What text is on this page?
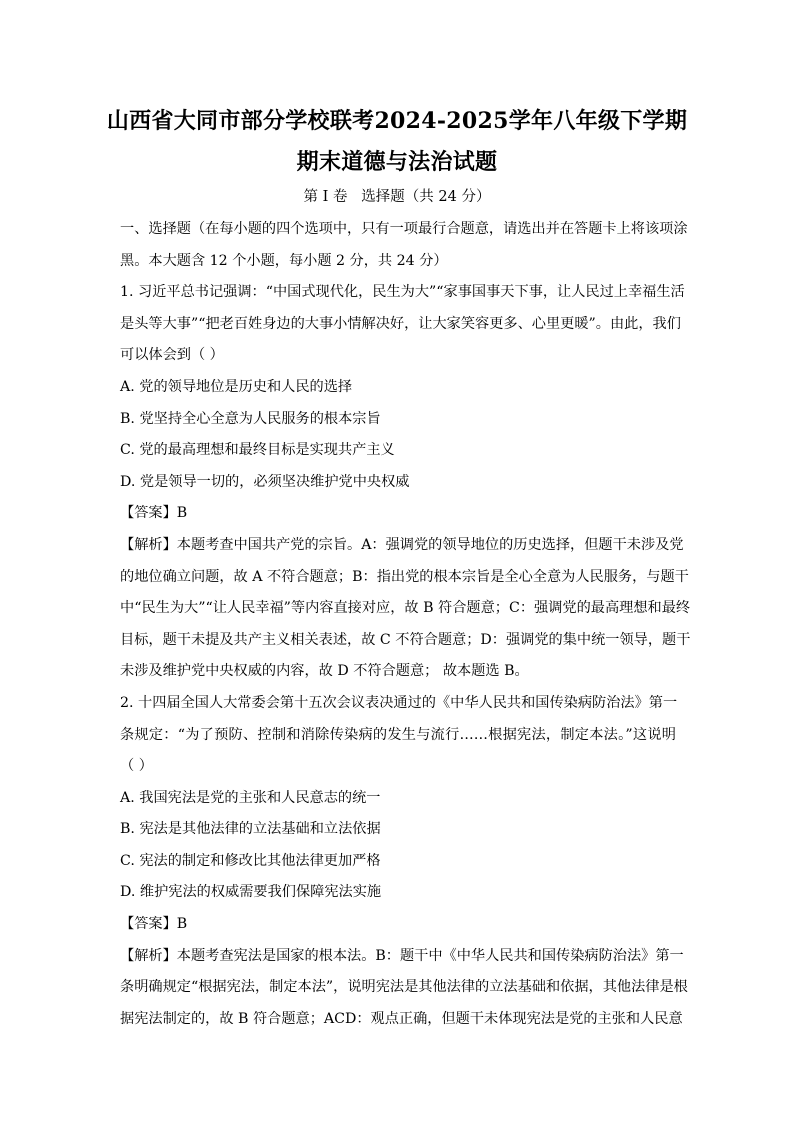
山西省大同市部分学校联考2024-2025学年八年级下学期
期末道德与法治试题
第 I 卷   选择题（共 24 分）
一、选择题（在每小题的四个选项中，只有一项最行合题意，请选出并在答题卡上将该项涂
黑。本大题含 12 个小题，每小题 2 分，共 24 分）
1. 习近平总书记强调：“中国式现代化，民生为大”“家事国事天下事，让人民过上幸福生活
是头等大事”“把老百姓身边的大事小情解决好，让大家笑容更多、心里更暖”。由此，我们
可以体会到（ ）
A. 党的领导地位是历史和人民的选择
B. 党坚持全心全意为人民服务的根本宗旨
C. 党的最高理想和最终目标是实现共产主义
D. 党是领导一切的，必须坚决维护党中央权威
【答案】B
【解析】本题考查中国共产党的宗旨。A：强调党的领导地位的历史选择，但题干未涉及党
的地位确立问题，故 A 不符合题意；B：指出党的根本宗旨是全心全意为人民服务，与题干
中“民生为大”“让人民幸福”等内容直接对应，故 B 符合题意；C：强调党的最高理想和最终
目标，题干未提及共产主义相关表述，故 C 不符合题意；D：强调党的集中统一领导，题干
未涉及维护党中央权威的内容，故 D 不符合题意； 故本题选 B。
2. 十四届全国人大常委会第十五次会议表决通过的《中华人民共和国传染病防治法》第一
条规定：“为了预防、控制和消除传染病的发生与流行……根据宪法，制定本法。”这说明
（ ）
A. 我国宪法是党的主张和人民意志的统一
B. 宪法是其他法律的立法基础和立法依据
C. 宪法的制定和修改比其他法律更加严格
D. 维护宪法的权威需要我们保障宪法实施
【答案】B
【解析】本题考查宪法是国家的根本法。B：题干中《中华人民共和国传染病防治法》第一
条明确规定“根据宪法，制定本法”，说明宪法是其他法律的立法基础和依据，其他法律是根
据宪法制定的，故 B 符合题意；ACD：观点正确，但题干未体现宪法是党的主张和人民意
